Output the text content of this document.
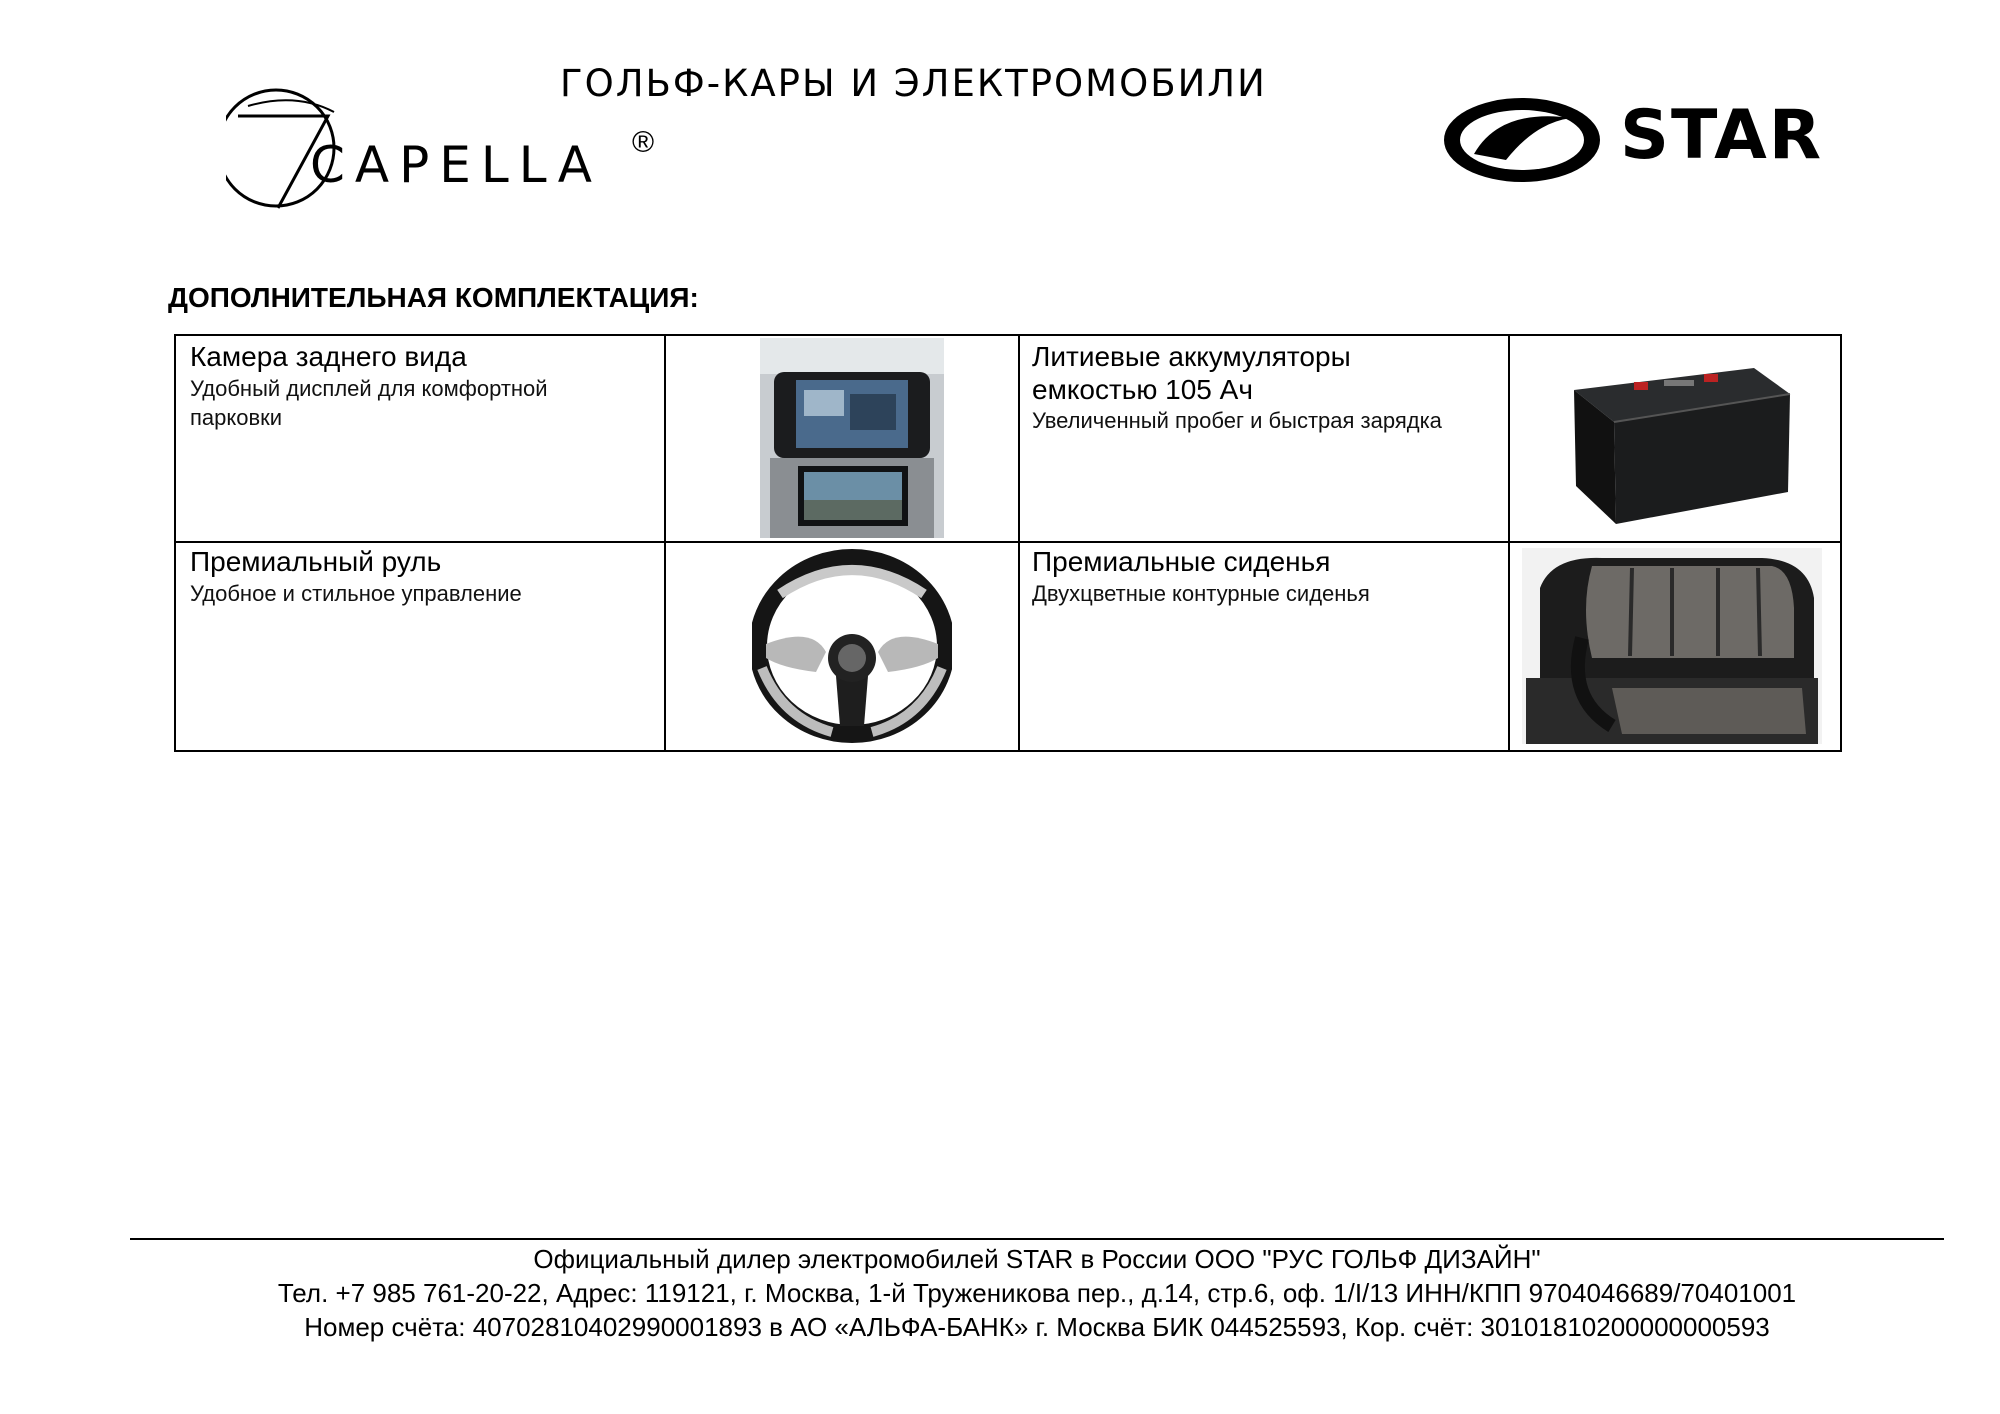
ГОЛЬФ-КАРЫ И ЭЛЕКТРОМОБИЛИ
CAPELLA ®	STAR
ДОПОЛНИТЕЛЬНАЯ КОМПЛЕКТАЦИЯ:
Камера заднего вида
Удобный дисплей для комфортной парковки
Литиевые аккумуляторы емкостью 105 Ач
Увеличенный пробег и быстрая зарядка
Премиальный руль
Удобное и стильное управление
Премиальные сиденья
Двухцветные контурные сиденья
Официальный дилер электромобилей STAR в России ООО "РУС ГОЛЬФ ДИЗАЙН"
Тел. +7 985 761-20-22, Адрес: 119121, г. Москва, 1-й Труженикова пер., д.14, стр.6, оф. 1/I/13 ИНН/КПП 9704046689/70401001
Номер счёта: 40702810402990001893 в АО «АЛЬФА-БАНК» г. Москва БИК 044525593, Кор. счёт: 30101810200000000593
